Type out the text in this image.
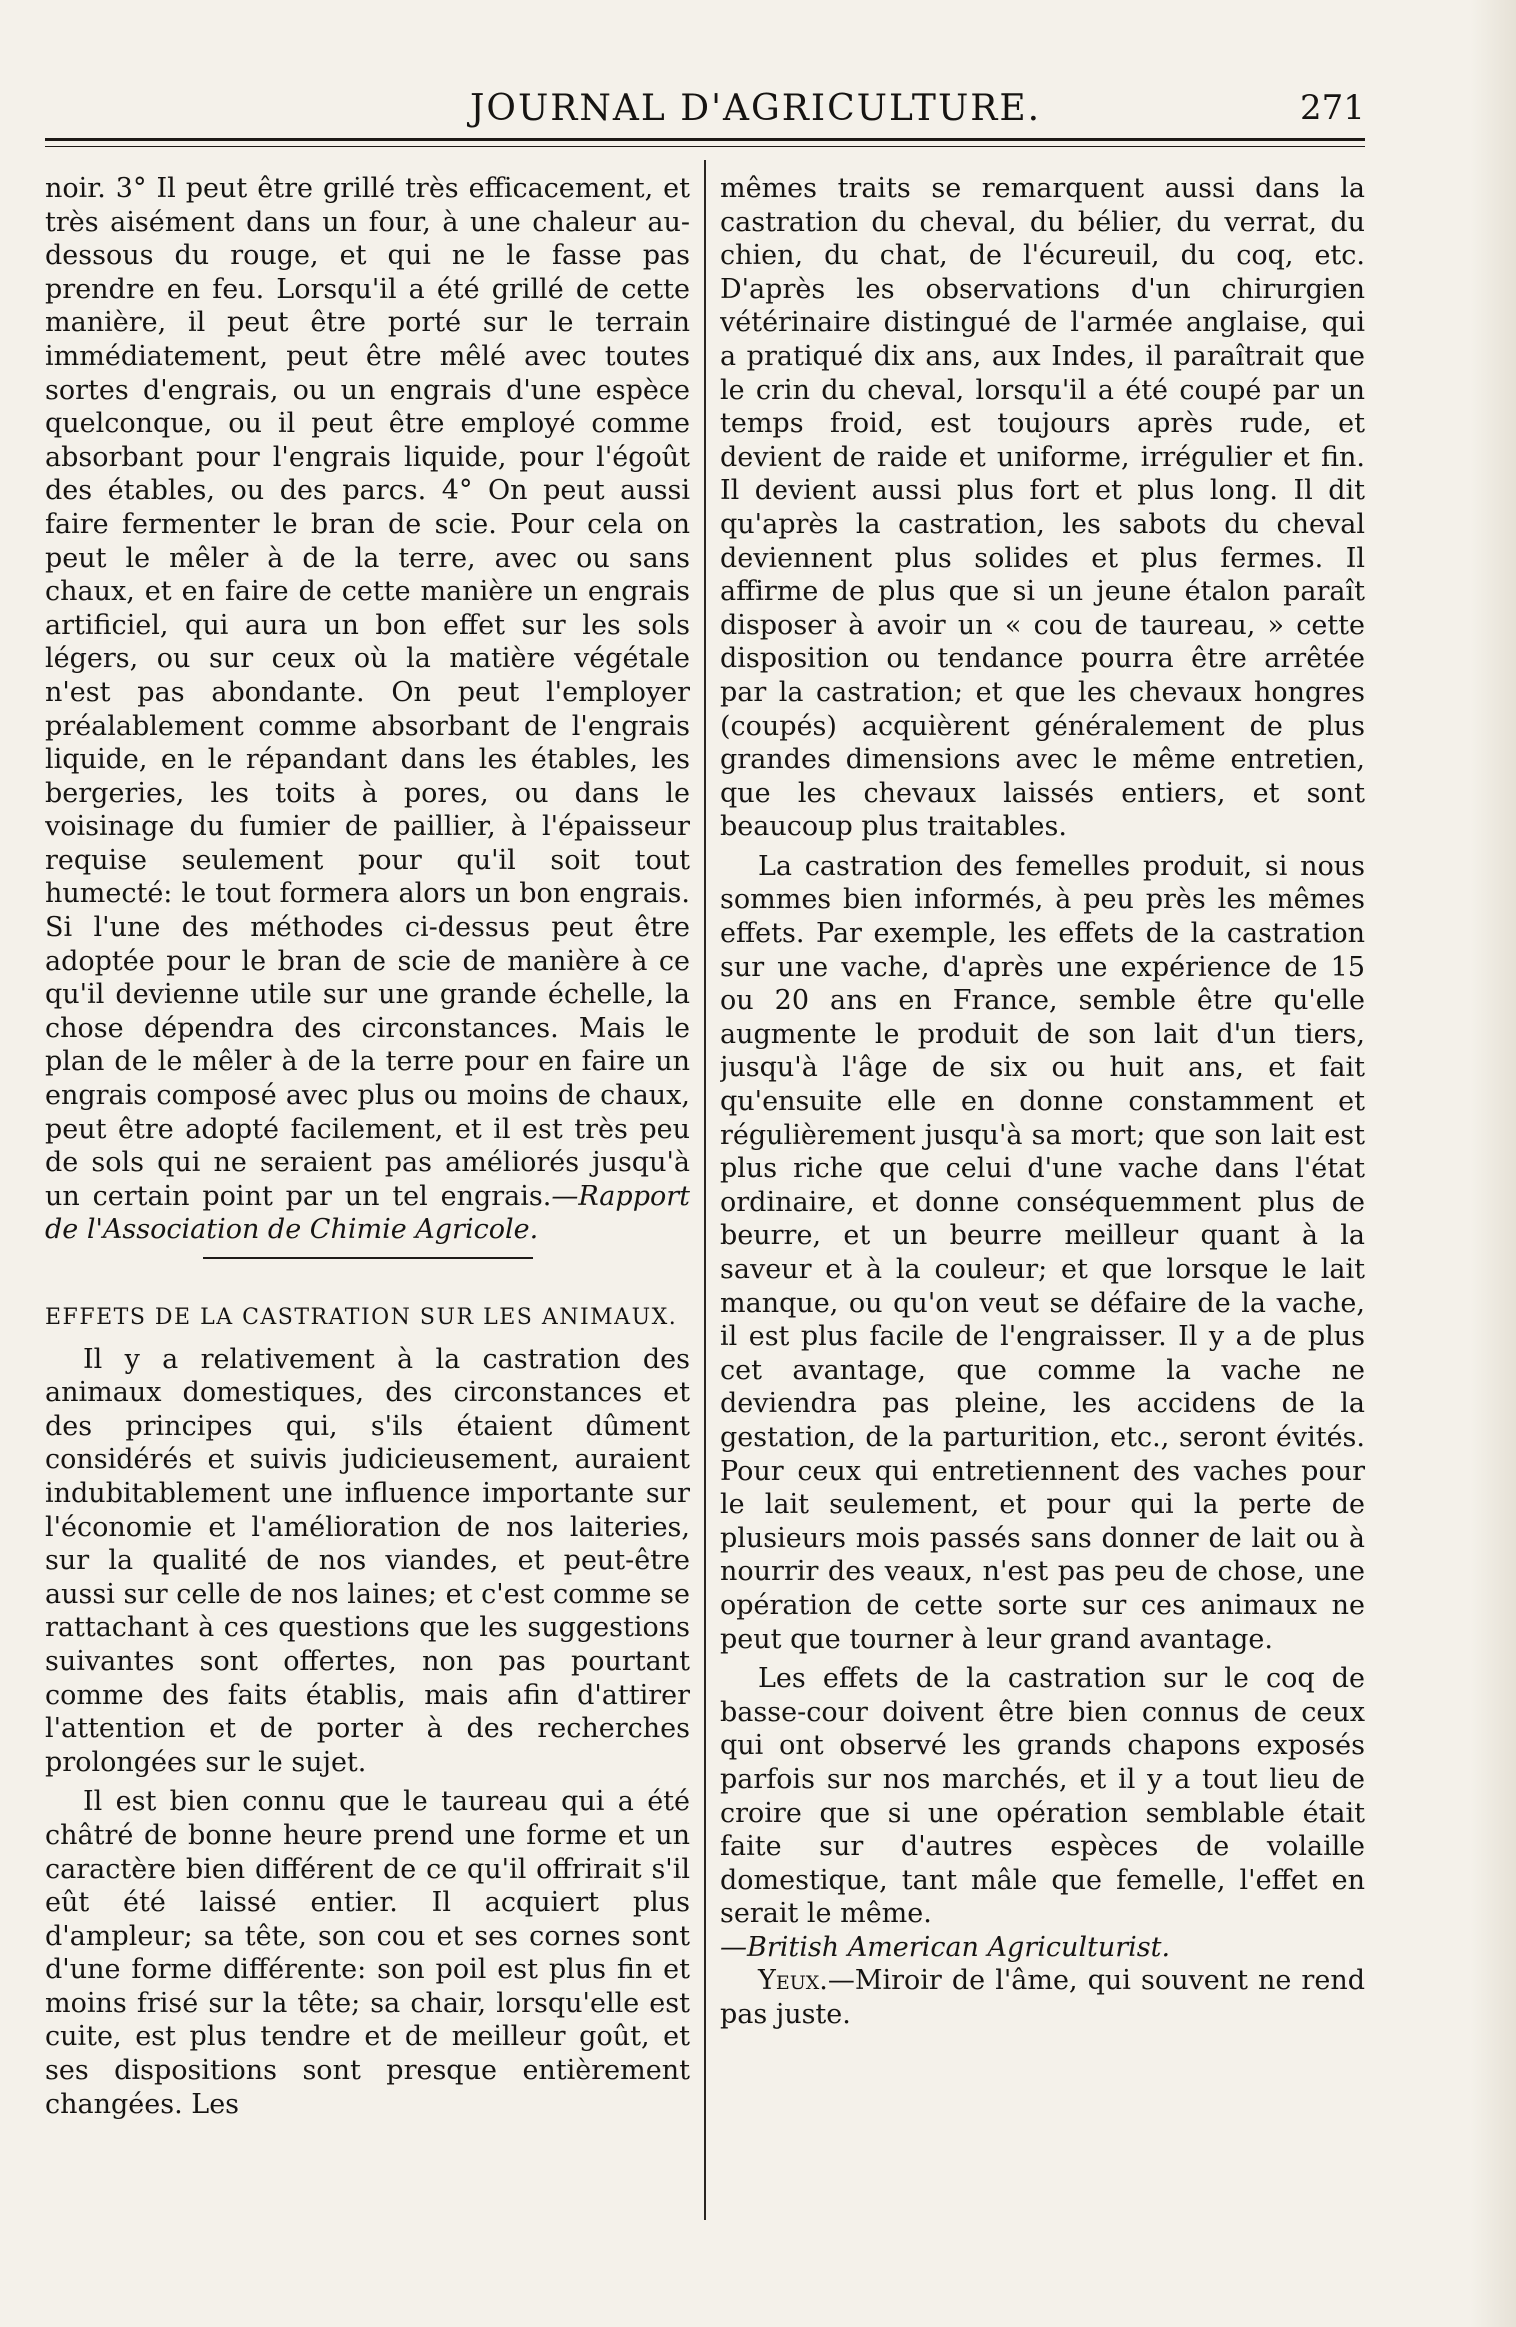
JOURNAL D'AGRICULTURE.	271

noir. 3° Il peut être grillé très efficacement, et très aisément dans un four, à une chaleur au-dessous du rouge, et qui ne le fasse pas prendre en feu. Lorsqu'il a été grillé de cette manière, il peut être porté sur le terrain immédiatement, peut être mêlé avec toutes sortes d'engrais, ou un engrais d'une espèce quelconque, ou il peut être employé comme absorbant pour l'engrais liquide, pour l'égoût des étables, ou des parcs. 4° On peut aussi faire fermenter le bran de scie. Pour cela on peut le mêler à de la terre, avec ou sans chaux, et en faire de cette manière un engrais artificiel, qui aura un bon effet sur les sols légers, ou sur ceux où la matière végétale n'est pas abondante. On peut l'employer préalablement comme absorbant de l'engrais liquide, en le répandant dans les étables, les bergeries, les toits à pores, ou dans le voisinage du fumier de paillier, à l'épaisseur requise seulement pour qu'il soit tout humecté: le tout formera alors un bon engrais. Si l'une des méthodes ci-dessus peut être adoptée pour le bran de scie de manière à ce qu'il devienne utile sur une grande échelle, la chose dépendra des circonstances. Mais le plan de le mêler à de la terre pour en faire un engrais composé avec plus ou moins de chaux, peut être adopté facilement, et il est très peu de sols qui ne seraient pas améliorés jusqu'à un certain point par un tel engrais.—Rapport de l'Association de Chimie Agricole.

EFFETS DE LA CASTRATION SUR LES ANIMAUX.

Il y a relativement à la castration des animaux domestiques, des circonstances et des principes qui, s'ils étaient dûment considérés et suivis judicieusement, auraient indubitablement une influence importante sur l'économie et l'amélioration de nos laiteries, sur la qualité de nos viandes, et peut-être aussi sur celle de nos laines; et c'est comme se rattachant à ces questions que les suggestions suivantes sont offertes, non pas pourtant comme des faits établis, mais afin d'attirer l'attention et de porter à des recherches prolongées sur le sujet.

Il est bien connu que le taureau qui a été châtré de bonne heure prend une forme et un caractère bien différent de ce qu'il offrirait s'il eût été laissé entier. Il acquiert plus d'ampleur; sa tête, son cou et ses cornes sont d'une forme différente: son poil est plus fin et moins frisé sur la tête; sa chair, lorsqu'elle est cuite, est plus tendre et de meilleur goût, et ses dispositions sont presque entièrement changées. Les

mêmes traits se remarquent aussi dans la castration du cheval, du bélier, du verrat, du chien, du chat, de l'écureuil, du coq, etc. D'après les observations d'un chirurgien vétérinaire distingué de l'armée anglaise, qui a pratiqué dix ans, aux Indes, il paraîtrait que le crin du cheval, lorsqu'il a été coupé par un temps froid, est toujours après rude, et devient de raide et uniforme, irrégulier et fin. Il devient aussi plus fort et plus long. Il dit qu'après la castration, les sabots du cheval deviennent plus solides et plus fermes. Il affirme de plus que si un jeune étalon paraît disposer à avoir un « cou de taureau, » cette disposition ou tendance pourra être arrêtée par la castration; et que les chevaux hongres (coupés) acquièrent généralement de plus grandes dimensions avec le même entretien, que les chevaux laissés entiers, et sont beaucoup plus traitables.

La castration des femelles produit, si nous sommes bien informés, à peu près les mêmes effets. Par exemple, les effets de la castration sur une vache, d'après une expérience de 15 ou 20 ans en France, semble être qu'elle augmente le produit de son lait d'un tiers, jusqu'à l'âge de six ou huit ans, et fait qu'ensuite elle en donne constamment et régulièrement jusqu'à sa mort; que son lait est plus riche que celui d'une vache dans l'état ordinaire, et donne conséquemment plus de beurre, et un beurre meilleur quant à la saveur et à la couleur; et que lorsque le lait manque, ou qu'on veut se défaire de la vache, il est plus facile de l'engraisser. Il y a de plus cet avantage, que comme la vache ne deviendra pas pleine, les accidens de la gestation, de la parturition, etc., seront évités. Pour ceux qui entretiennent des vaches pour le lait seulement, et pour qui la perte de plusieurs mois passés sans donner de lait ou à nourrir des veaux, n'est pas peu de chose, une opération de cette sorte sur ces animaux ne peut que tourner à leur grand avantage.

Les effets de la castration sur le coq de basse-cour doivent être bien connus de ceux qui ont observé les grands chapons exposés parfois sur nos marchés, et il y a tout lieu de croire que si une opération semblable était faite sur d'autres espèces de volaille domestique, tant mâle que femelle, l'effet en serait le même.

—British American Agriculturist.

Yeux.—Miroir de l'âme, qui souvent ne rend pas juste.
